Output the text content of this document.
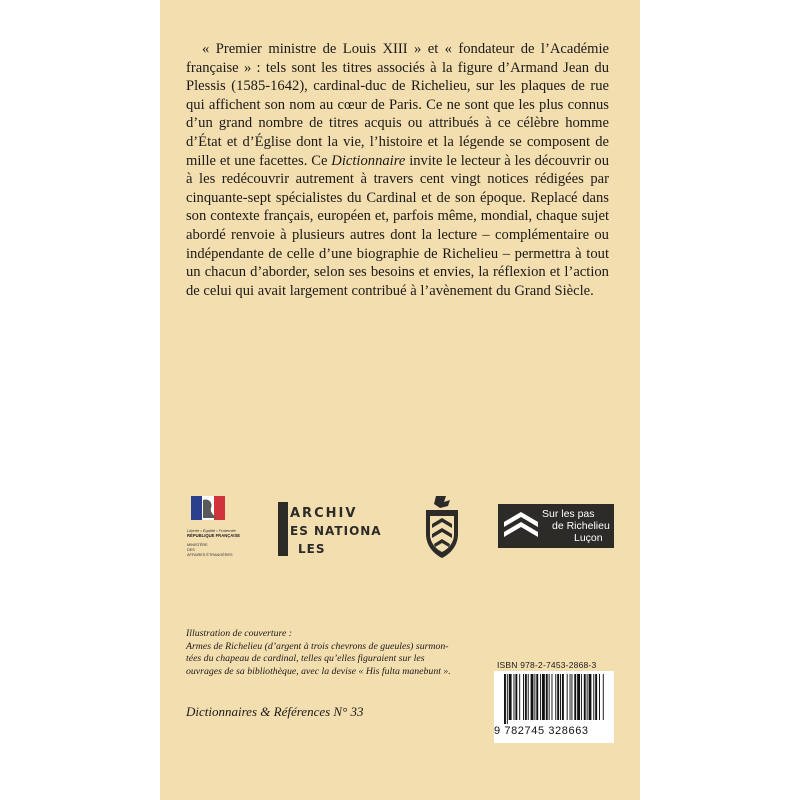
« Premier ministre de Louis XIII » et « fondateur de l’Académie française » : tels sont les titres associés à la figure d’Armand Jean du Plessis (1585-1642), cardinal-duc de Richelieu, sur les plaques de rue qui affichent son nom au cœur de Paris. Ce ne sont que les plus connus d’un grand nombre de titres acquis ou attribués à ce célèbre homme d’État et d’Église dont la vie, l’histoire et la légende se composent de mille et une facettes. Ce Dictionnaire invite le lecteur à les découvrir ou à les redécouvrir autrement à travers cent vingt notices rédigées par cinquante-sept spécialistes du Cardinal et de son époque. Replacé dans son contexte français, européen et, parfois même, mondial, chaque sujet abordé renvoie à plusieurs autres dont la lecture – complémentaire ou indépendante de celle d’une biographie de Richelieu – permettra à tout un chacun d’aborder, selon ses besoins et envies, la réflexion et l’action de celui qui avait largement contribué à l’avènement du Grand Siècle.

Liberté • Égalité • Fraternité
RÉPUBLIQUE FRANÇAISE
MINISTÈRE
DES
AFFAIRES ÉTRANGÈRES
ARCHIV
ES NATIONA
LES
Sur les pas
de Richelieu
Luçon
Illustration de couverture :
Armes de Richelieu (d’argent à trois chevrons de gueules) surmon-
tées du chapeau de cardinal, telles qu’elles figuraient sur les
ouvrages de sa bibliothèque, avec la devise « His fulta manebunt ».
Dictionnaires & Références N° 33
ISBN 978-2-7453-2868-3
9 782745 328663
